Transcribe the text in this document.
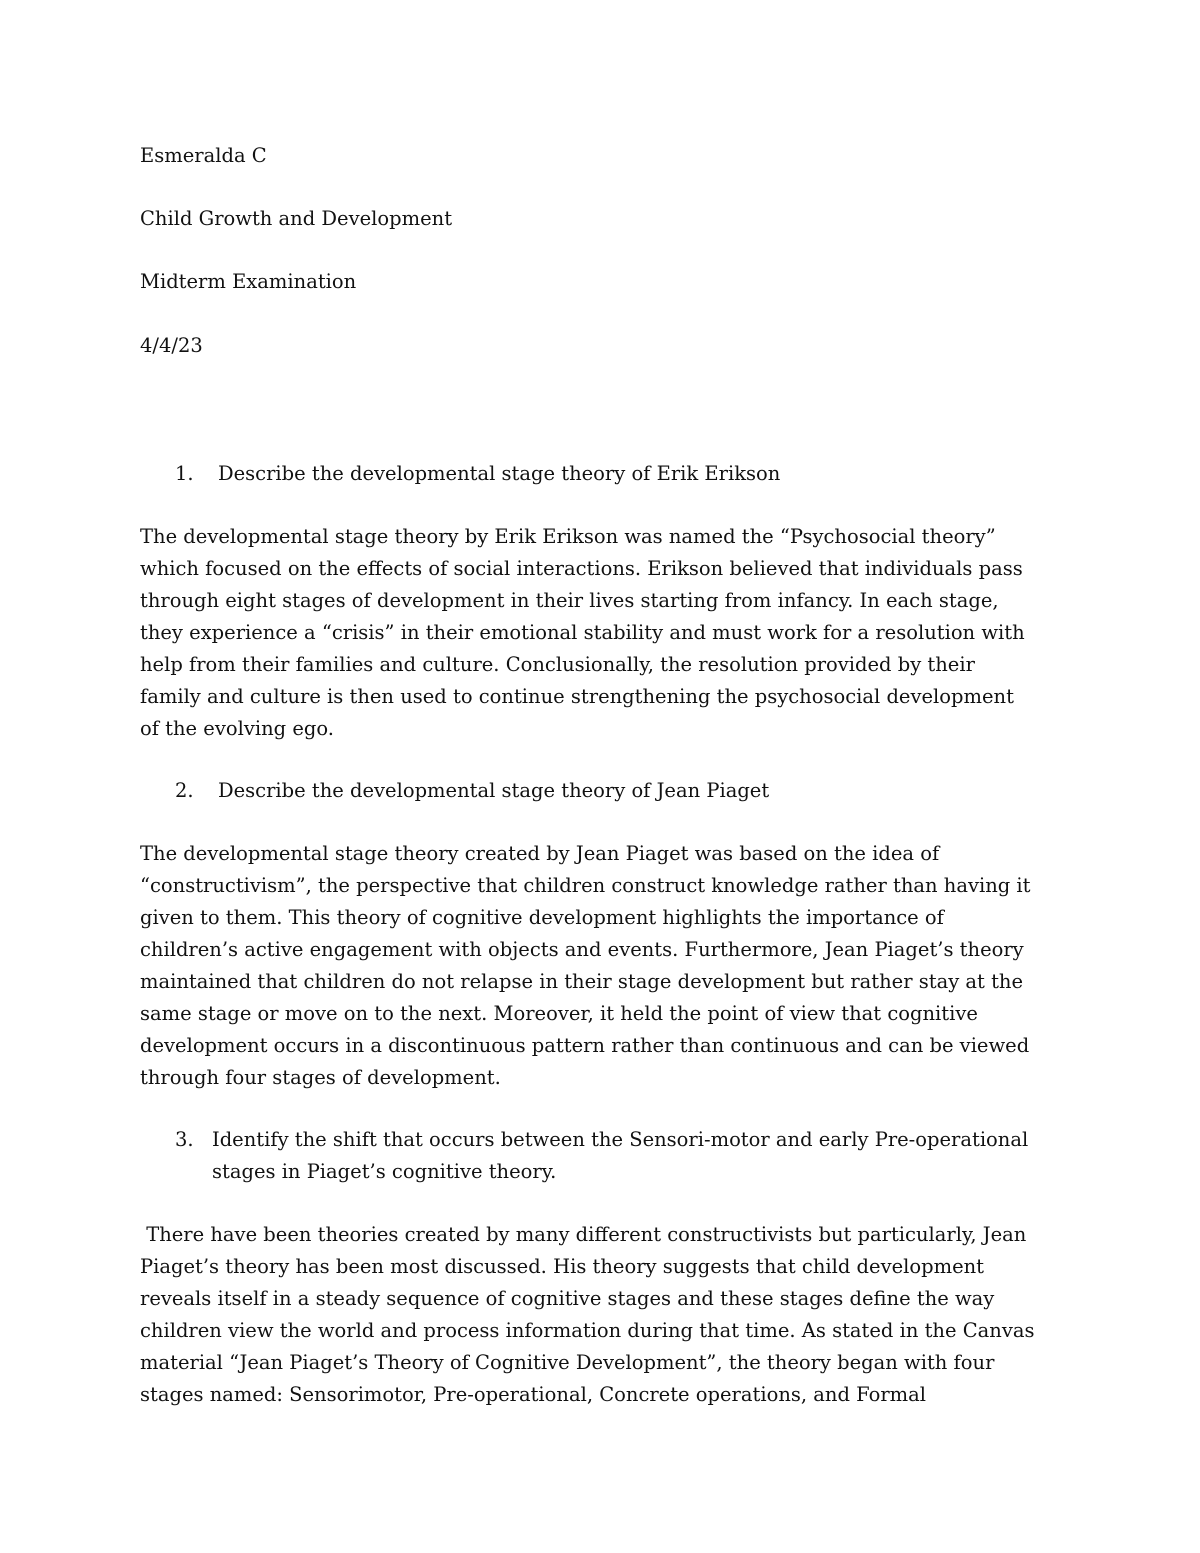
Esmeralda C
Child Growth and Development
Midterm Examination
4/4/23
1. Describe the developmental stage theory of Erik Erikson
The developmental stage theory by Erik Erikson was named the “Psychosocial theory”
which focused on the effects of social interactions. Erikson believed that individuals pass
through eight stages of development in their lives starting from infancy. In each stage,
they experience a “crisis” in their emotional stability and must work for a resolution with
help from their families and culture. Conclusionally, the resolution provided by their
family and culture is then used to continue strengthening the psychosocial development
of the evolving ego.
2. Describe the developmental stage theory of Jean Piaget
The developmental stage theory created by Jean Piaget was based on the idea of
“constructivism”, the perspective that children construct knowledge rather than having it
given to them. This theory of cognitive development highlights the importance of
children’s active engagement with objects and events. Furthermore, Jean Piaget’s theory
maintained that children do not relapse in their stage development but rather stay at the
same stage or move on to the next. Moreover, it held the point of view that cognitive
development occurs in a discontinuous pattern rather than continuous and can be viewed
through four stages of development.
3. Identify the shift that occurs between the Sensori-motor and early Pre-operational
stages in Piaget’s cognitive theory.
There have been theories created by many different constructivists but particularly, Jean
Piaget’s theory has been most discussed. His theory suggests that child development
reveals itself in a steady sequence of cognitive stages and these stages define the way
children view the world and process information during that time. As stated in the Canvas
material “Jean Piaget’s Theory of Cognitive Development”, the theory began with four
stages named: Sensorimotor, Pre-operational, Concrete operations, and Formal
